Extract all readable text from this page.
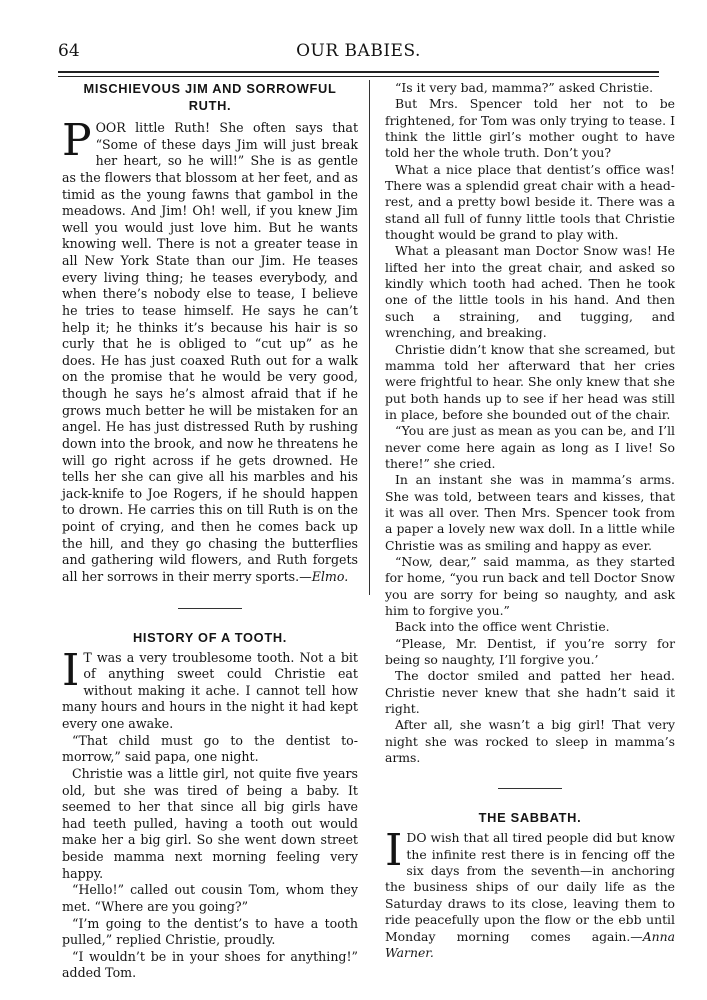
64	OUR BABIES.
MISCHIEVOUS JIM AND SORROWFUL RUTH.

POOR little Ruth! She often says that “Some of these days Jim will just break her heart, so he will!” She is as gentle as the flowers that blossom at her feet, and as timid as the young fawns that gambol in the meadows. And Jim! Oh! well, if you knew Jim well you would just love him. But he wants knowing well. There is not a greater tease in all New York State than our Jim. He teases every living thing; he teases everybody, and when there’s nobody else to tease, I believe he tries to tease himself. He says he can’t help it; he thinks it’s because his hair is so curly that he is obliged to “cut up” as he does. He has just coaxed Ruth out for a walk on the promise that he would be very good, though he says he’s almost afraid that if he grows much better he will be mistaken for an angel. He has just distressed Ruth by rushing down into the brook, and now he threatens he will go right across if he gets drowned. He tells her she can give all his marbles and his jack-knife to Joe Rogers, if he should happen to drown. He carries this on till Ruth is on the point of crying, and then he comes back up the hill, and they go chasing the butterflies and gathering wild flowers, and Ruth forgets all her sorrows in their merry sports.—Elmo.

HISTORY OF A TOOTH.

I T was a very troublesome tooth. Not a bit of anything sweet could Christie eat without making it ache. I cannot tell how many hours and hours in the night it had kept every one awake.

“That child must go to the dentist to-morrow,” said papa, one night.

Christie was a little girl, not quite five years old, but she was tired of being a baby. It seemed to her that since all big girls have had teeth pulled, having a tooth out would make her a big girl. So she went down street beside mamma next morning feeling very happy.

“Hello!” called out cousin Tom, whom they met. “Where are you going?”

“I’m going to the dentist’s to have a tooth pulled,” replied Christie, proudly.

“I wouldn’t be in your shoes for anything!” added Tom.

“Is it very bad, mamma?” asked Christie.

But Mrs. Spencer told her not to be frightened, for Tom was only trying to tease. I think the little girl’s mother ought to have told her the whole truth. Don’t you?

What a nice place that dentist’s office was! There was a splendid great chair with a head-rest, and a pretty bowl beside it. There was a stand all full of funny little tools that Christie thought would be grand to play with.

What a pleasant man Doctor Snow was! He lifted her into the great chair, and asked so kindly which tooth had ached. Then he took one of the little tools in his hand. And then such a straining, and tugging, and wrenching, and breaking.

Christie didn’t know that she screamed, but mamma told her afterward that her cries were frightful to hear. She only knew that she put both hands up to see if her head was still in place, before she bounded out of the chair.

“You are just as mean as you can be, and I’ll never come here again as long as I live! So there!” she cried.

In an instant she was in mamma’s arms. She was told, between tears and kisses, that it was all over. Then Mrs. Spencer took from a paper a lovely new wax doll. In a little while Christie was as smiling and happy as ever.

“Now, dear,” said mamma, as they started for home, “you run back and tell Doctor Snow you are sorry for being so naughty, and ask him to forgive you.”

Back into the office went Christie.

“Please, Mr. Dentist, if you’re sorry for being so naughty, I’ll forgive you.’

The doctor smiled and patted her head. Christie never knew that she hadn’t said it right.

After all, she wasn’t a big girl! That very night she was rocked to sleep in mamma’s arms.

THE SABBATH.

I DO wish that all tired people did but know the infinite rest there is in fencing off the six days from the seventh—in anchoring the business ships of our daily life as the Saturday draws to its close, leaving them to ride peacefully upon the flow or the ebb until Monday morning comes again.—Anna Warner.
